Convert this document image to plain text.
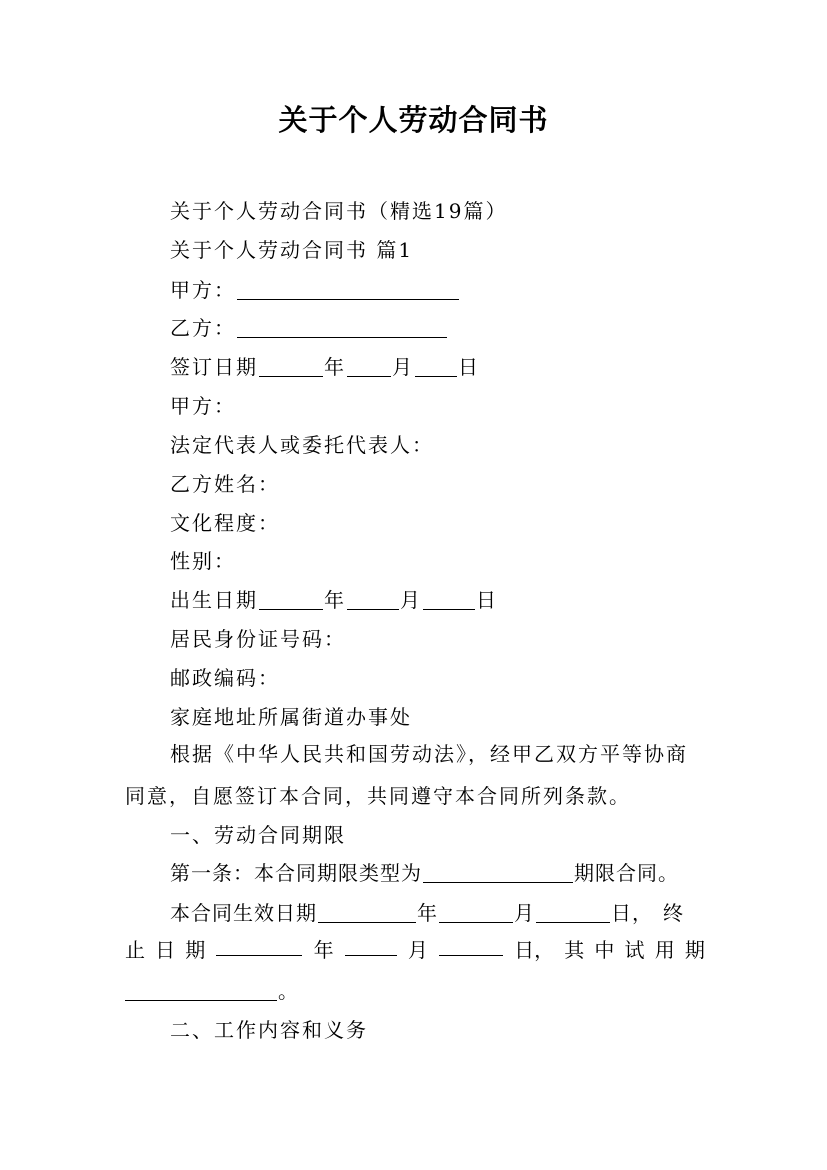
关于个人劳动合同书
关于个人劳动合同书（精选19篇）
关于个人劳动合同书 篇1
甲方：
乙方：
签订日期	年 月 日
甲方：
法定代表人或委托代表人：
乙方姓名：
文化程度：
性别：
出生日期	年	月	日
居民身份证号码：
邮政编码：
家庭地址所属街道办事处
根据《中华人民共和国劳动法》，经甲乙双方平等协商
同意，自愿签订本合同，共同遵守本合同所列条款。
一、劳动合同期限
第一条：本合同期限类型为	期限合同。
本合同生效日期	年	月	日， 终
止 日 期	年	月	日， 其 中 试 用 期
。
二、工作内容和义务
